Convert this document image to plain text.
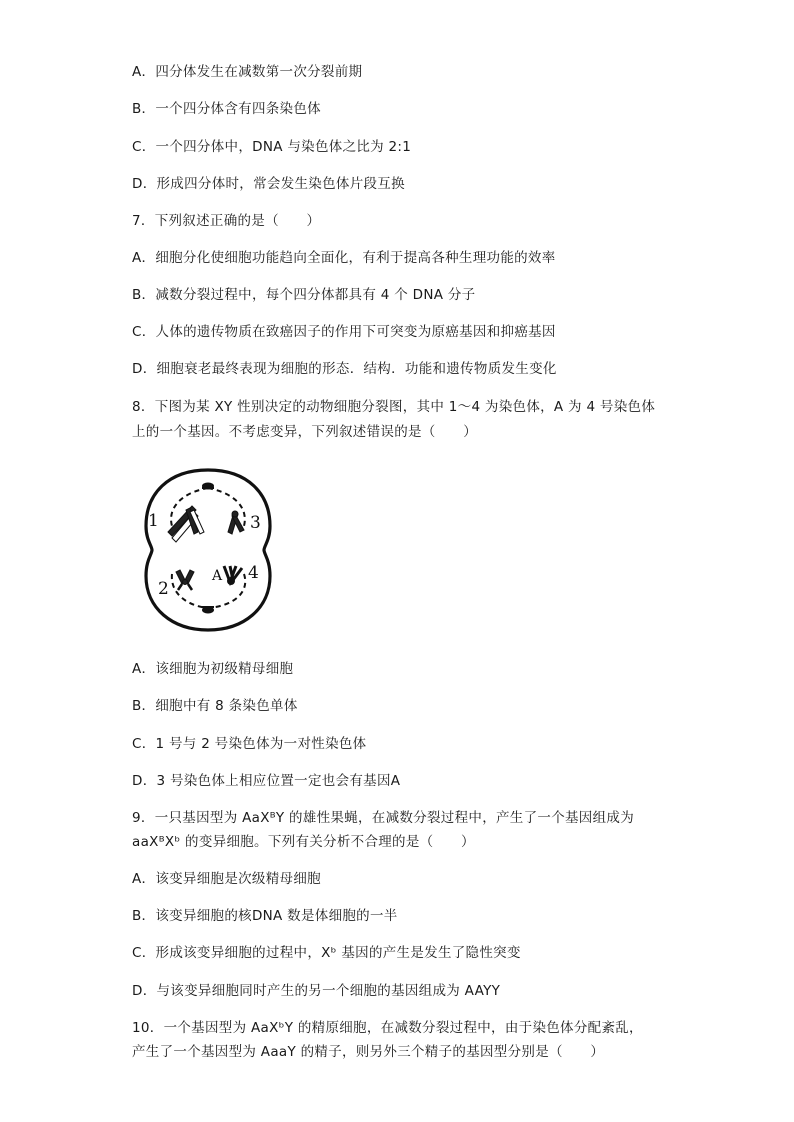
A．四分体发生在减数第一次分裂前期
B．一个四分体含有四条染色体
C．一个四分体中，DNA 与染色体之比为 2:1
D．形成四分体时，常会发生染色体片段互换
7．下列叙述正确的是（　　）
A．细胞分化使细胞功能趋向全面化，有利于提高各种生理功能的效率
B．减数分裂过程中，每个四分体都具有 4 个 DNA 分子
C．人体的遗传物质在致癌因子的作用下可突变为原癌基因和抑癌基因
D．细胞衰老最终表现为细胞的形态．结构．功能和遗传物质发生变化
8．下图为某 XY 性别决定的动物细胞分裂图，其中 1～4 为染色体，A 为 4 号染色体
上的一个基因。不考虑变异，下列叙述错误的是（　　）
1
2
3
4
A
A．该细胞为初级精母细胞
B．细胞中有 8 条染色单体
C．1 号与 2 号染色体为一对性染色体
D．3 号染色体上相应位置一定也会有基因A
9．一只基因型为 AaXᴮY 的雄性果蝇，在减数分裂过程中，产生了一个基因组成为
aaXᴮXᵇ 的变异细胞。下列有关分析不合理的是（　　）
A．该变异细胞是次级精母细胞
B．该变异细胞的核DNA 数是体细胞的一半
C．形成该变异细胞的过程中，Xᵇ 基因的产生是发生了隐性突变
D．与该变异细胞同时产生的另一个细胞的基因组成为 AAYY
10．一个基因型为 AaXᵇY 的精原细胞，在减数分裂过程中，由于染色体分配紊乱，
产生了一个基因型为 AaaY 的精子，则另外三个精子的基因型分别是（　　）
